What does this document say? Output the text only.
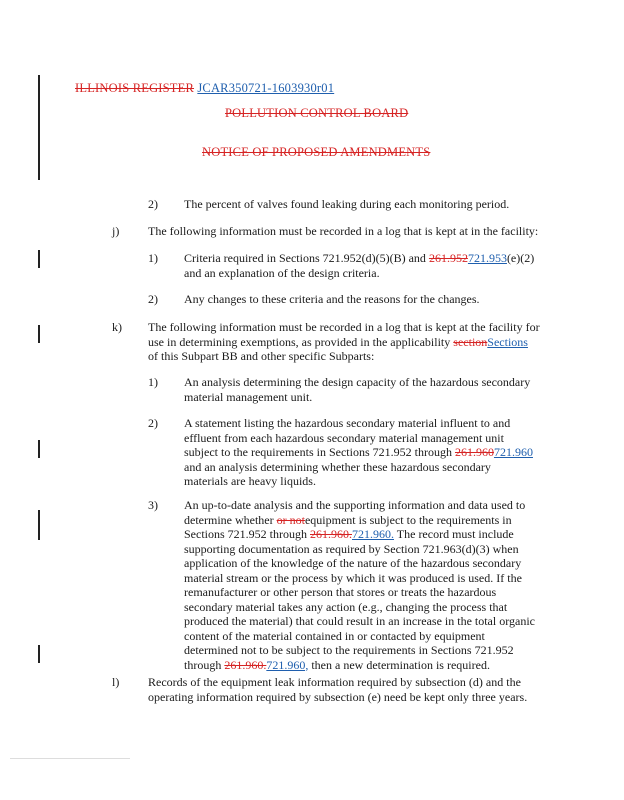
ILLINOIS REGISTER JCAR350721-1603930r01
POLLUTION CONTROL BOARD
NOTICE OF PROPOSED AMENDMENTS
2) The percent of valves found leaking during each monitoring period.
j) The following information must be recorded in a log that is kept at in the facility:
1) Criteria required in Sections 721.952(d)(5)(B) and 261.952721.953(e)(2) and an explanation of the design criteria.
2) Any changes to these criteria and the reasons for the changes.
k) The following information must be recorded in a log that is kept at the facility for use in determining exemptions, as provided in the applicability sectionSections of this Subpart BB and other specific Subparts:
1) An analysis determining the design capacity of the hazardous secondary material management unit.
2) A statement listing the hazardous secondary material influent to and effluent from each hazardous secondary material management unit subject to the requirements in Sections 721.952 through 261.960721.960 and an analysis determining whether these hazardous secondary materials are heavy liquids.
3) An up-to-date analysis and the supporting information and data used to determine whether or notequipment is subject to the requirements in Sections 721.952 through 261.960.721.960. The record must include supporting documentation as required by Section 721.963(d)(3) when application of the knowledge of the nature of the hazardous secondary material stream or the process by which it was produced is used. If the remanufacturer or other person that stores or treats the hazardous secondary material takes any action (e.g., changing the process that produced the material) that could result in an increase in the total organic content of the material contained in or contacted by equipment determined not to be subject to the requirements in Sections 721.952 through 261.960.721.960, then a new determination is required.
l) Records of the equipment leak information required by subsection (d) and the operating information required by subsection (e) need be kept only three years.
